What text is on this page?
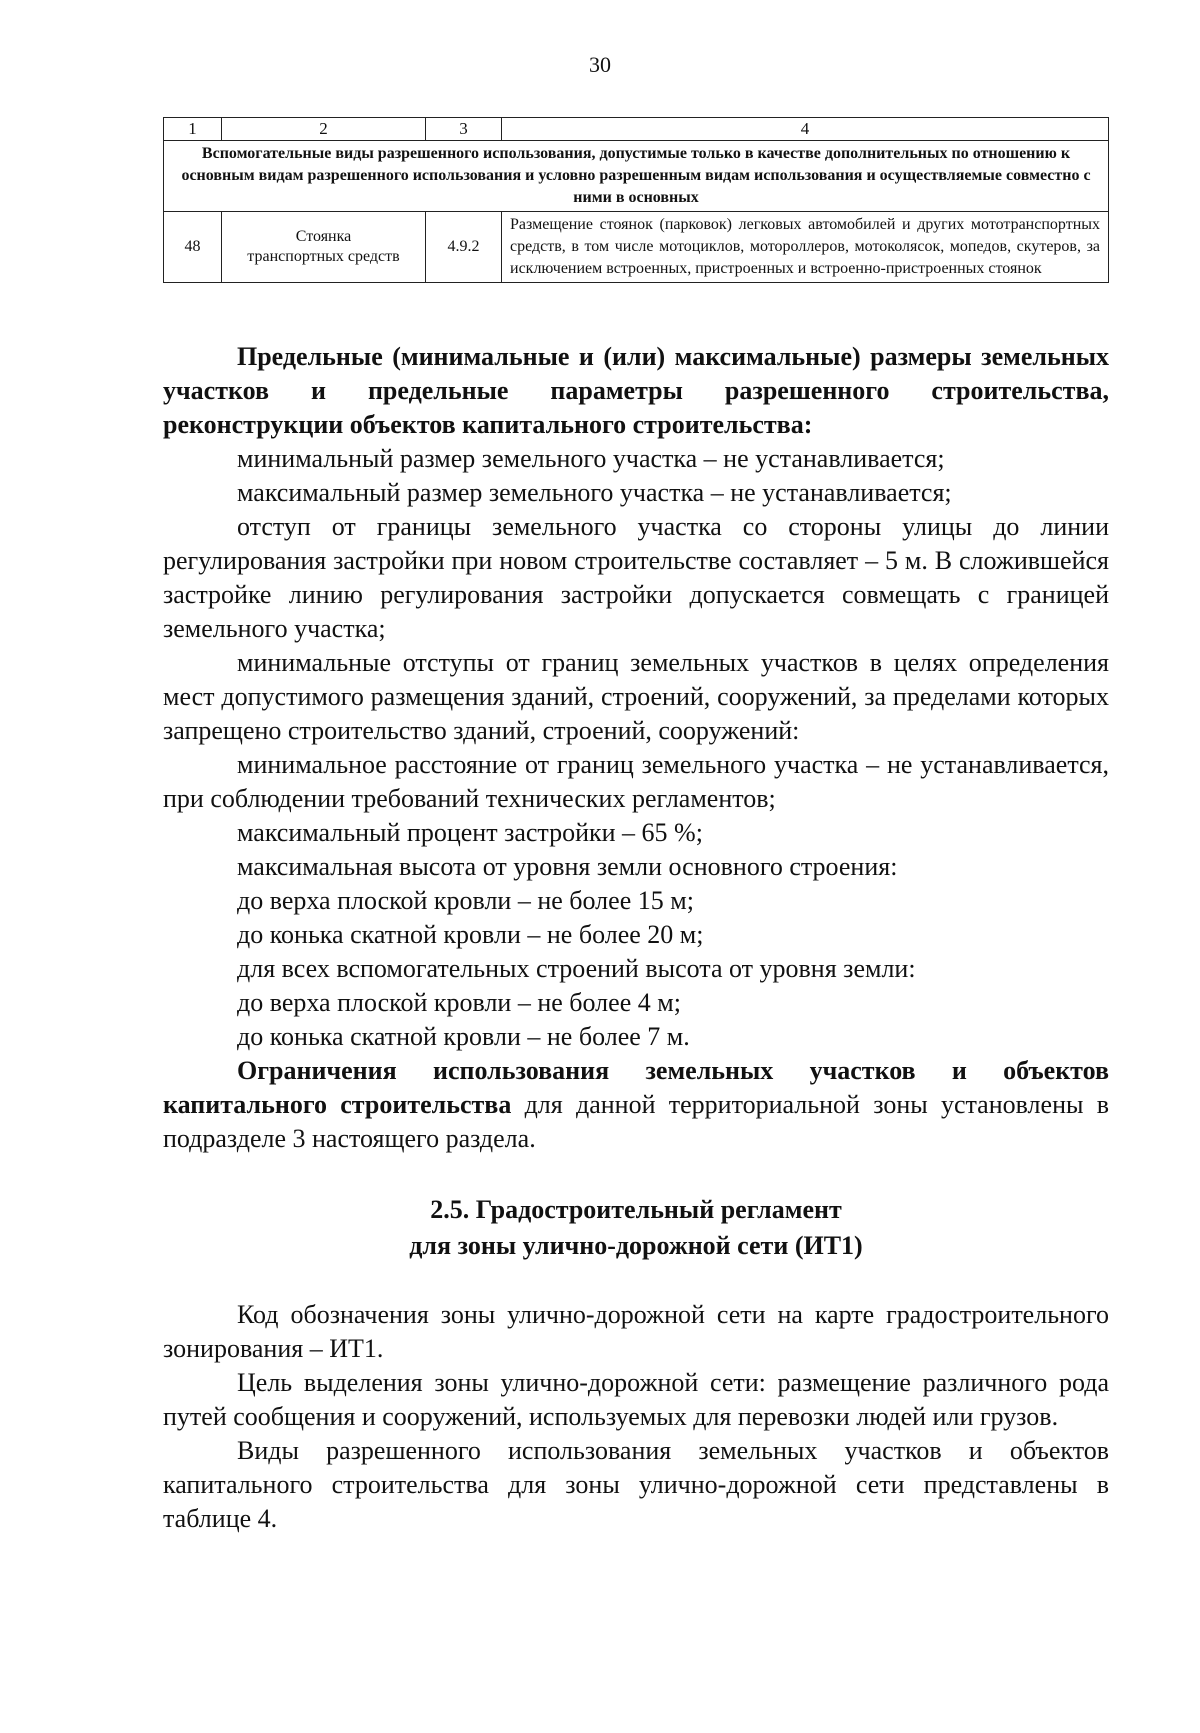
30
1	2	3	4
Вспомогательные виды разрешенного использования, допустимые только в качестве дополнительных по отношению к основным видам разрешенного использования и условно разрешенным видам использования и осуществляемые совместно с ними в основных			
48	Стоянка транспортных средств	4.9.2	Размещение стоянок (парковок) легковых автомобилей и других мототранспортных средств, в том числе мотоциклов, мотороллеров, мотоколясок, мопедов, скутеров, за исключением встроенных, пристроенных и встроенно-пристроенных стоянок

Предельные (минимальные и (или) максимальные) размеры земельных участков и предельные параметры разрешенного строительства, реконструкции объектов капитального строительства:

минимальный размер земельного участка – не устанавливается;

максимальный размер земельного участка – не устанавливается;

отступ от границы земельного участка со стороны улицы до линии регулирования застройки при новом строительстве составляет – 5 м. В сложившейся застройке линию регулирования застройки допускается совмещать с границей земельного участка;

минимальные отступы от границ земельных участков в целях определения мест допустимого размещения зданий, строений, сооружений, за пределами которых запрещено строительство зданий, строений, сооружений:

минимальное расстояние от границ земельного участка – не устанавливается, при соблюдении требований технических регламентов;

максимальный процент застройки – 65 %;

максимальная высота от уровня земли основного строения:

до верха плоской кровли – не более 15 м;

до конька скатной кровли – не более 20 м;

для всех вспомогательных строений высота от уровня земли:

до верха плоской кровли – не более 4 м;

до конька скатной кровли – не более 7 м.

Ограничения использования земельных участков и объектов капитального строительства для данной территориальной зоны установлены в подразделе 3 настоящего раздела.

2.5. Градостроительный регламент
для зоны улично-дорожной сети (ИТ1)

Код обозначения зоны улично-дорожной сети на карте градостроительного зонирования – ИТ1.

Цель выделения зоны улично-дорожной сети: размещение различного рода путей сообщения и сооружений, используемых для перевозки людей или грузов.

Виды разрешенного использования земельных участков и объектов капитального строительства для зоны улично-дорожной сети представлены в таблице 4.
